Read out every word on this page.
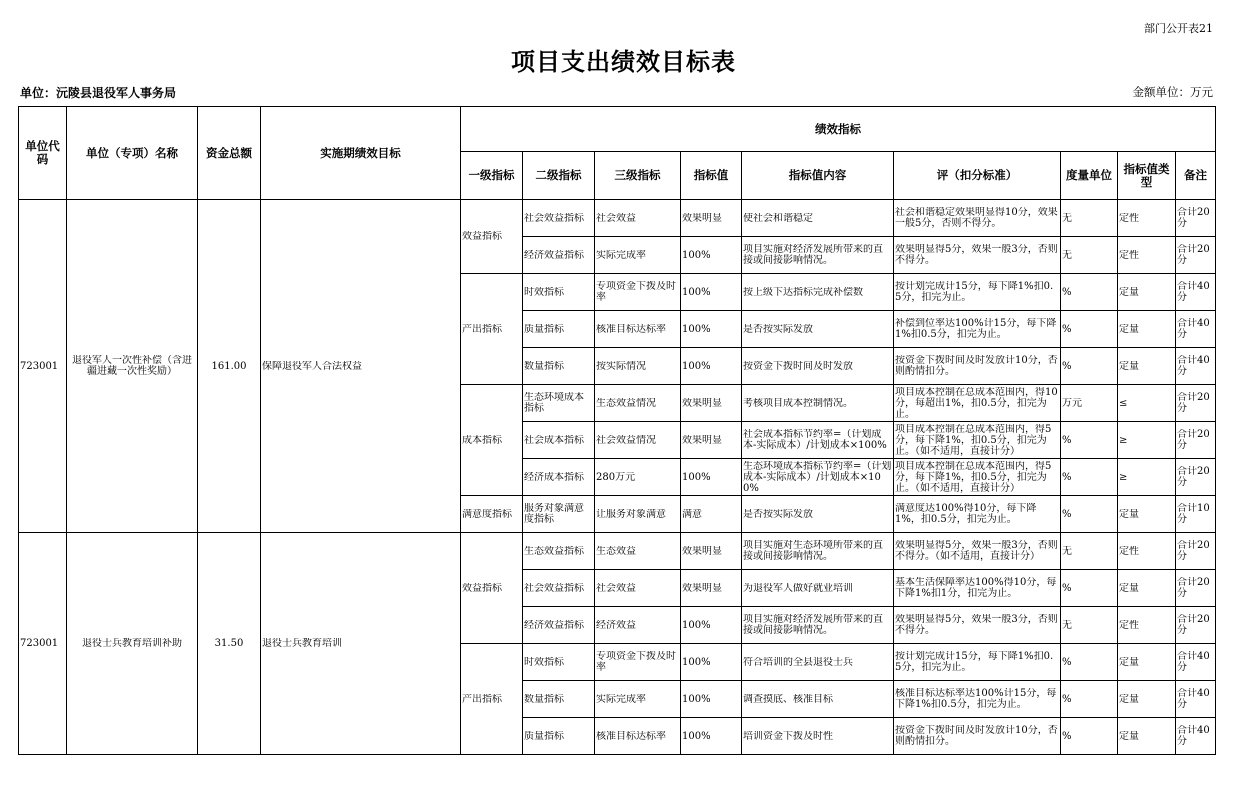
部门公开表21
项目支出绩效目标表
单位：沅陵县退役军人事务局	金额单位：万元
单位代码	单位（专项）名称	资金总额	实施期绩效目标	绩效指标								
				一级指标	二级指标	三级指标	指标值	指标值内容	评（扣分标准）	度量单位	指标值类型	备注

723001	退役军人一次性补偿（含进疆进藏一次性奖励）	161.00	保障退役军人合法权益	效益指标	社会效益指标	社会效益	效果明显	使社会和谐稳定	社会和谐稳定效果明显得10分，效果一般5分，否则不得分。	无	定性	合计20分

					经济效益指标	实际完成率	100%	项目实施对经济发展所带来的直接或间接影响情况。	效果明显得5分，效果一般3分，否则不得分。	无	定性	合计20分

				产出指标	时效指标	专项资金下拨及时率	100%	按上级下达指标完成补偿数	按计划完成计15分，每下降1%扣0.5分，扣完为止。	%	定量	合计40分

					质量指标	核准目标达标率	100%	是否按实际发放	补偿到位率达100%计15分，每下降1%扣0.5分，扣完为止。	%	定量	合计40分

					数量指标	按实际情况	100%	按资金下拨时间及时发放	按资金下拨时间及时发放计10分，否则酌情扣分。	%	定量	合计40分

				成本指标	生态环境成本指标	生态效益情况	效果明显	考核项目成本控制情况。	项目成本控制在总成本范围内，得10分，每超出1%，扣0.5分，扣完为止。	万元	≤	合计20分

					社会成本指标	社会效益情况	效果明显	社会成本指标节约率=（计划成本-实际成本）/计划成本×100%	项目成本控制在总成本范围内，得5分，每下降1%，扣0.5分，扣完为止。（如不适用，直接计分）	%	≥	合计20分

					经济成本指标	280万元	100%	生态环境成本指标节约率=（计划成本-实际成本）/计划成本×100%	项目成本控制在总成本范围内，得5分，每下降1%，扣0.5分，扣完为止。（如不适用，直接计分）	%	≥	合计20分

				满意度指标	服务对象满意度指标	让服务对象满意	满意	是否按实际发放	满意度达100%得10分，每下降1%，扣0.5分，扣完为止。	%	定量	合计10分

723001	退役士兵教育培训补助	31.50	退役士兵教育培训	效益指标	生态效益指标	生态效益	效果明显	项目实施对生态环境所带来的直接或间接影响情况。	效果明显得5分，效果一般3分，否则不得分。（如不适用，直接计分）	无	定性	合计20分

					社会效益指标	社会效益	效果明显	为退役军人做好就业培训	基本生活保障率达100%得10分，每下降1%扣1分，扣完为止。	%	定量	合计20分

					经济效益指标	经济效益	100%	项目实施对经济发展所带来的直接或间接影响情况。	效果明显得5分，效果一般3分，否则不得分。	无	定性	合计20分

				产出指标	时效指标	专项资金下拨及时率	100%	符合培训的全县退役士兵	按计划完成计15分，每下降1%扣0.5分，扣完为止。	%	定量	合计40分

					数量指标	实际完成率	100%	调查摸底、核准目标	核准目标达标率达100%计15分，每下降1%扣0.5分，扣完为止。	%	定量	合计40分

					质量指标	核准目标达标率	100%	培训资金下拨及时性	按资金下拨时间及时发放计10分，否则酌情扣分。	%	定量	合计40分
